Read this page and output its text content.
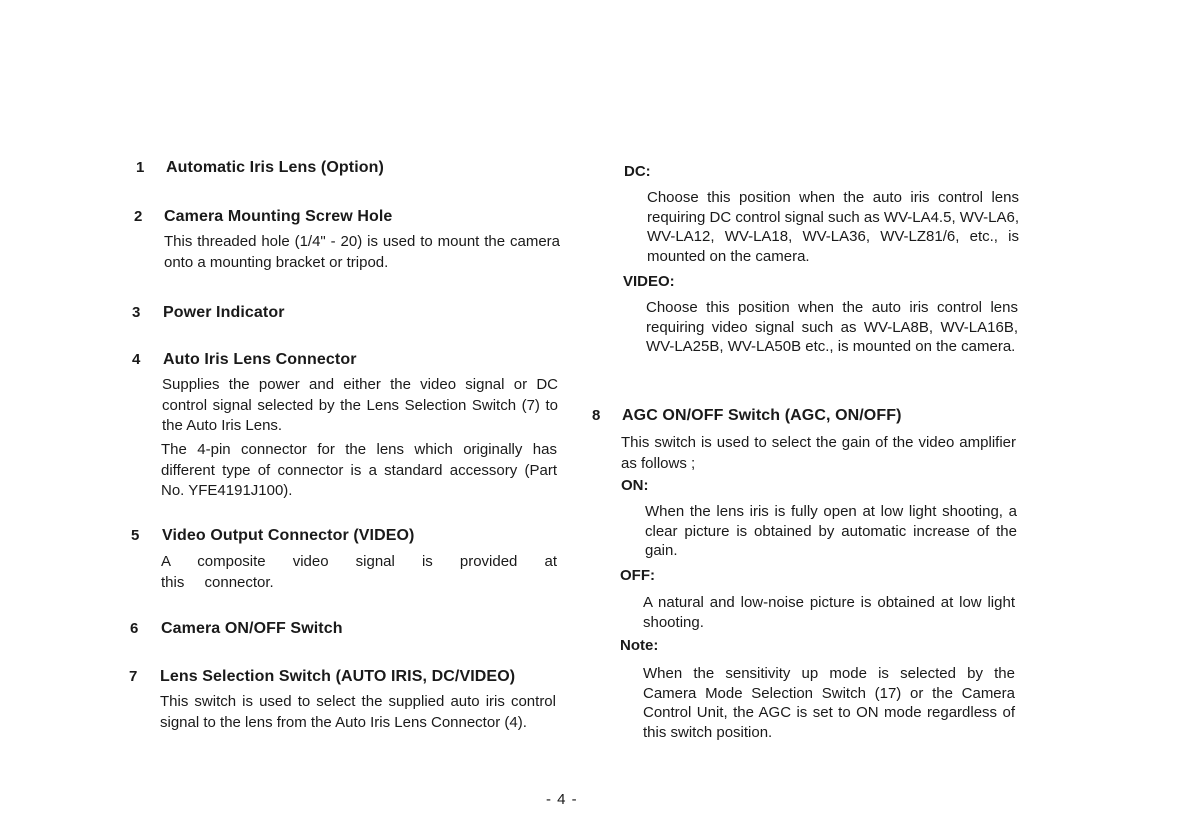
1 Automatic Iris Lens (Option)
2 Camera Mounting Screw Hole
This threaded hole (1/4" - 20) is used to mount the camera onto a mounting bracket or tripod.
3 Power Indicator
4 Auto Iris Lens Connector
Supplies the power and either the video signal or DC control signal selected by the Lens Selection Switch (7) to the Auto Iris Lens.
The 4-pin connector for the lens which originally has different type of connector is a standard accessory (Part No. YFE4191J100).
5 Video Output Connector (VIDEO)
A composite video signal is provided at this connector.
6 Camera ON/OFF Switch
7 Lens Selection Switch (AUTO IRIS, DC/VIDEO)
This switch is used to select the supplied auto iris control signal to the lens from the Auto Iris Lens Connector (4).
DC:
Choose this position when the auto iris control lens requiring DC control signal such as WV-LA4.5, WV-LA6, WV-LA12, WV-LA18, WV-LA36, WV-LZ81/6, etc., is mounted on the camera.
VIDEO:
Choose this position when the auto iris control lens requiring video signal such as WV-LA8B, WV-LA16B, WV-LA25B, WV-LA50B etc., is mounted on the camera.
8 AGC ON/OFF Switch (AGC, ON/OFF)
This switch is used to select the gain of the video amplifier as follows ;
ON:
When the lens iris is fully open at low light shooting, a clear picture is obtained by automatic increase of the gain.
OFF:
A natural and low-noise picture is obtained at low light shooting.
Note:
When the sensitivity up mode is selected by the Camera Mode Selection Switch (17) or the Camera Control Unit, the AGC is set to ON mode regardless of this switch position.
- 4 -
